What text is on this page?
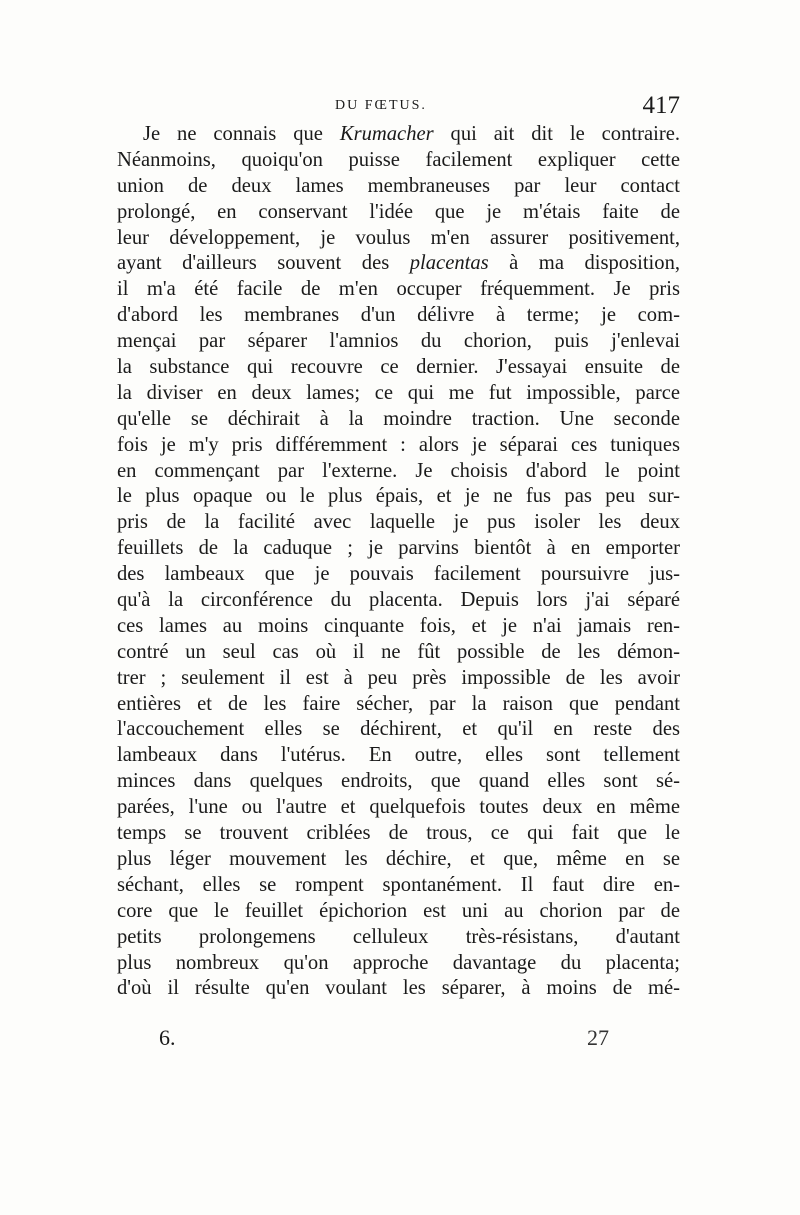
DU FŒTUS.	417
Je ne connais que Krumacher qui ait dit le contraire.
Néanmoins, quoiqu'on puisse facilement expliquer cette
union de deux lames membraneuses par leur contact
prolongé, en conservant l'idée que je m'étais faite de
leur développement, je voulus m'en assurer positivement,
ayant d'ailleurs souvent des placentas à ma disposition,
il m'a été facile de m'en occuper fréquemment. Je pris
d'abord les membranes d'un délivre à terme; je com-
mençai par séparer l'amnios du chorion, puis j'enlevai
la substance qui recouvre ce dernier. J'essayai ensuite de
la diviser en deux lames; ce qui me fut impossible, parce
qu'elle se déchirait à la moindre traction. Une seconde
fois je m'y pris différemment : alors je séparai ces tuniques
en commençant par l'externe. Je choisis d'abord le point
le plus opaque ou le plus épais, et je ne fus pas peu sur-
pris de la facilité avec laquelle je pus isoler les deux
feuillets de la caduque ; je parvins bientôt à en emporter
des lambeaux que je pouvais facilement poursuivre jus-
qu'à la circonférence du placenta. Depuis lors j'ai séparé
ces lames au moins cinquante fois, et je n'ai jamais ren-
contré un seul cas où il ne fût possible de les démon-
trer ; seulement il est à peu près impossible de les avoir
entières et de les faire sécher, par la raison que pendant
l'accouchement elles se déchirent, et qu'il en reste des
lambeaux dans l'utérus. En outre, elles sont tellement
minces dans quelques endroits, que quand elles sont sé-
parées, l'une ou l'autre et quelquefois toutes deux en même
temps se trouvent criblées de trous, ce qui fait que le
plus léger mouvement les déchire, et que, même en se
séchant, elles se rompent spontanément. Il faut dire en-
core que le feuillet épichorion est uni au chorion par de
petits prolongemens celluleux très-résistans, d'autant
plus nombreux qu'on approche davantage du placenta;
d'où il résulte qu'en voulant les séparer, à moins de mé-
6.	27
